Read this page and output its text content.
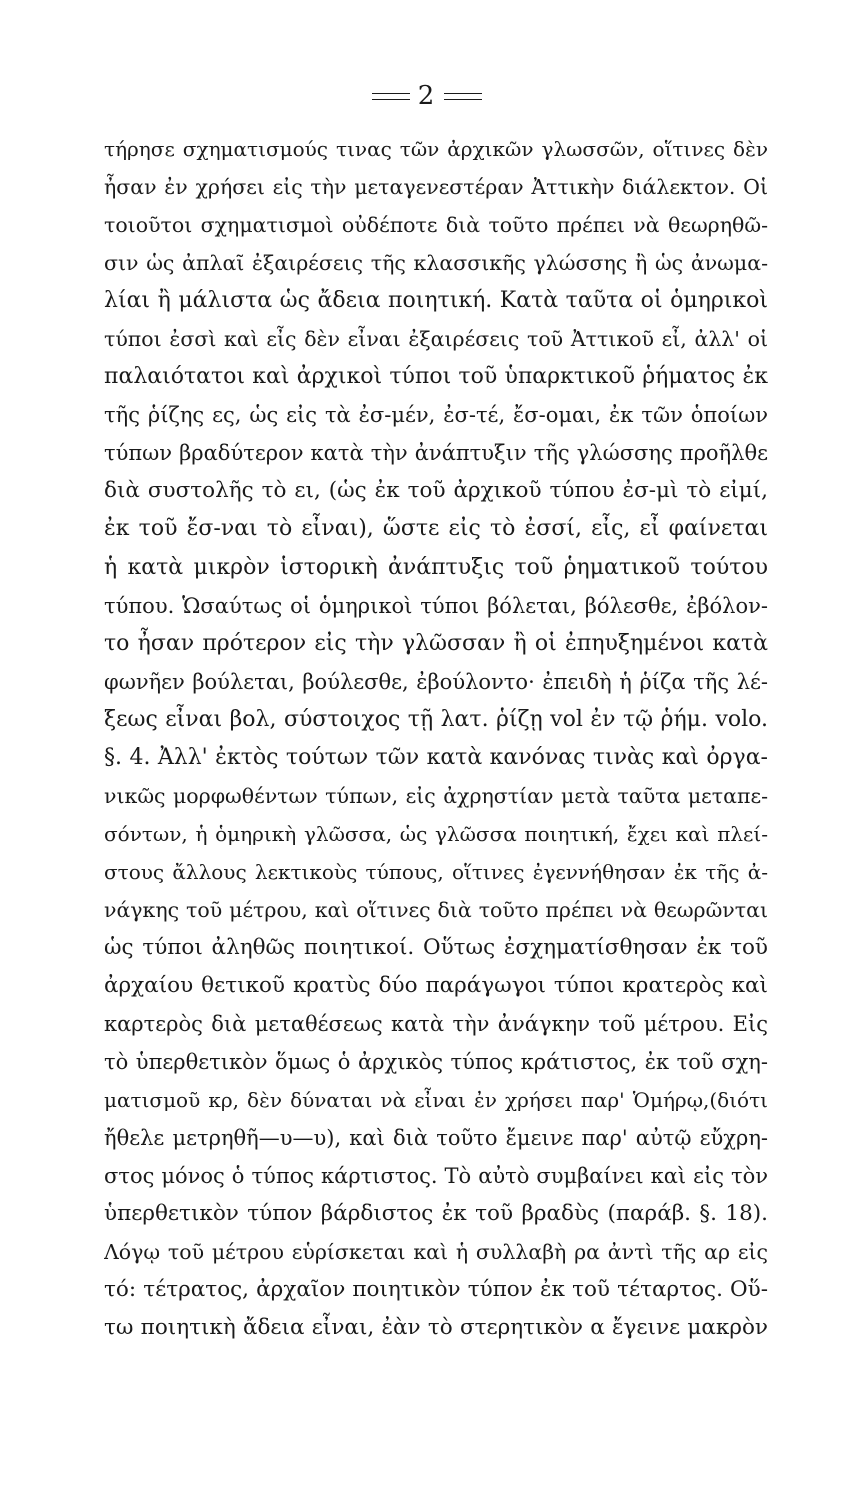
2
τήρησε σχηματισμούς τινας τῶν ἀρχικῶν γλωσσῶν, οἵτινες δὲν
ἦσαν ἐν χρήσει εἰς τὴν μεταγενεστέραν Ἀττικὴν διάλεκτον. Οἱ
τοιοῦτοι σχηματισμοὶ οὐδέποτε διὰ τοῦτο πρέπει νὰ θεωρηθῶ-
σιν ὡς ἀπλαῖ ἐξαιρέσεις τῆς κλασσικῆς γλώσσης ἢ ὡς ἀνωμα-
λίαι ἢ μάλιστα ὡς ἄδεια ποιητική. Κατὰ ταῦτα οἱ ὁμηρικοὶ
τύποι ἐσσὶ καὶ εἶς δὲν εἶναι ἐξαιρέσεις τοῦ Ἀττικοῦ εἶ, ἀλλ' οἱ
παλαιότατοι καὶ ἀρχικοὶ τύποι τοῦ ὑπαρκτικοῦ ῥήματος ἐκ
τῆς ῥίζης ες, ὡς εἰς τὰ ἐσ-μέν, ἐσ-τέ, ἔσ-ομαι, ἐκ τῶν ὁποίων
τύπων βραδύτερον κατὰ τὴν ἀνάπτυξιν τῆς γλώσσης προῆλθε
διὰ συστολῆς τὸ ει, (ὡς ἐκ τοῦ ἀρχικοῦ τύπου ἐσ-μὶ τὸ εἰμί,
ἐκ τοῦ ἔσ-ναι τὸ εἶναι), ὥστε εἰς τὸ ἐσσί, εἶς, εἶ φαίνεται
ἡ κατὰ μικρὸν ἱστορικὴ ἀνάπτυξις τοῦ ῥηματικοῦ τούτου
τύπου. Ὡσαύτως οἱ ὁμηρικοὶ τύποι βόλεται, βόλεσθε, ἐβόλον-
το ἦσαν πρότερον εἰς τὴν γλῶσσαν ἢ οἱ ἐπηυξημένοι κατὰ
φωνῆεν βούλεται, βούλεσθε, ἐβούλοντο· ἐπειδὴ ἡ ῥίζα τῆς λέ-
ξεως εἶναι βολ, σύστοιχος τῇ λατ. ῥίζῃ vol ἐν τῷ ῥήμ. volo.
§. 4. Ἀλλ' ἐκτὸς τούτων τῶν κατὰ κανόνας τινὰς καὶ ὀργα-
νικῶς μορφωθέντων τύπων, εἰς ἀχρηστίαν μετὰ ταῦτα μεταπε-
σόντων, ἡ ὁμηρικὴ γλῶσσα, ὡς γλῶσσα ποιητική, ἔχει καὶ πλεί-
στους ἄλλους λεκτικοὺς τύπους, οἵτινες ἐγεννήθησαν ἐκ τῆς ἀ-
νάγκης τοῦ μέτρου, καὶ οἵτινες διὰ τοῦτο πρέπει νὰ θεωρῶνται
ὡς τύποι ἀληθῶς ποιητικοί. Οὕτως ἐσχηματίσθησαν ἐκ τοῦ
ἀρχαίου θετικοῦ κρατὺς δύο παράγωγοι τύποι κρατερὸς καὶ
καρτερὸς διὰ μεταθέσεως κατὰ τὴν ἀνάγκην τοῦ μέτρου. Εἰς
τὸ ὑπερθετικὸν ὅμως ὁ ἀρχικὸς τύπος κράτιστος, ἐκ τοῦ σχη-
ματισμοῦ κρ, δὲν δύναται νὰ εἶναι ἐν χρήσει παρ' Ὁμήρῳ,(διότι
ἤθελε μετρηθῆ—υ—υ), καὶ διὰ τοῦτο ἔμεινε παρ' αὐτῷ εὔχρη-
στος μόνος ὁ τύπος κάρτιστος. Τὸ αὐτὸ συμβαίνει καὶ εἰς τὸν
ὑπερθετικὸν τύπον βάρδιστος ἐκ τοῦ βραδὺς (παράβ. §. 18).
Λόγῳ τοῦ μέτρου εὑρίσκεται καὶ ἡ συλλαβὴ ρα ἀντὶ τῆς αρ εἰς
τό: τέτρατος, ἀρχαῖον ποιητικὸν τύπον ἐκ τοῦ τέταρτος. Οὕ-
τω ποιητικὴ ἄδεια εἶναι, ἐὰν τὸ στερητικὸν α ἔγεινε μακρὸν
